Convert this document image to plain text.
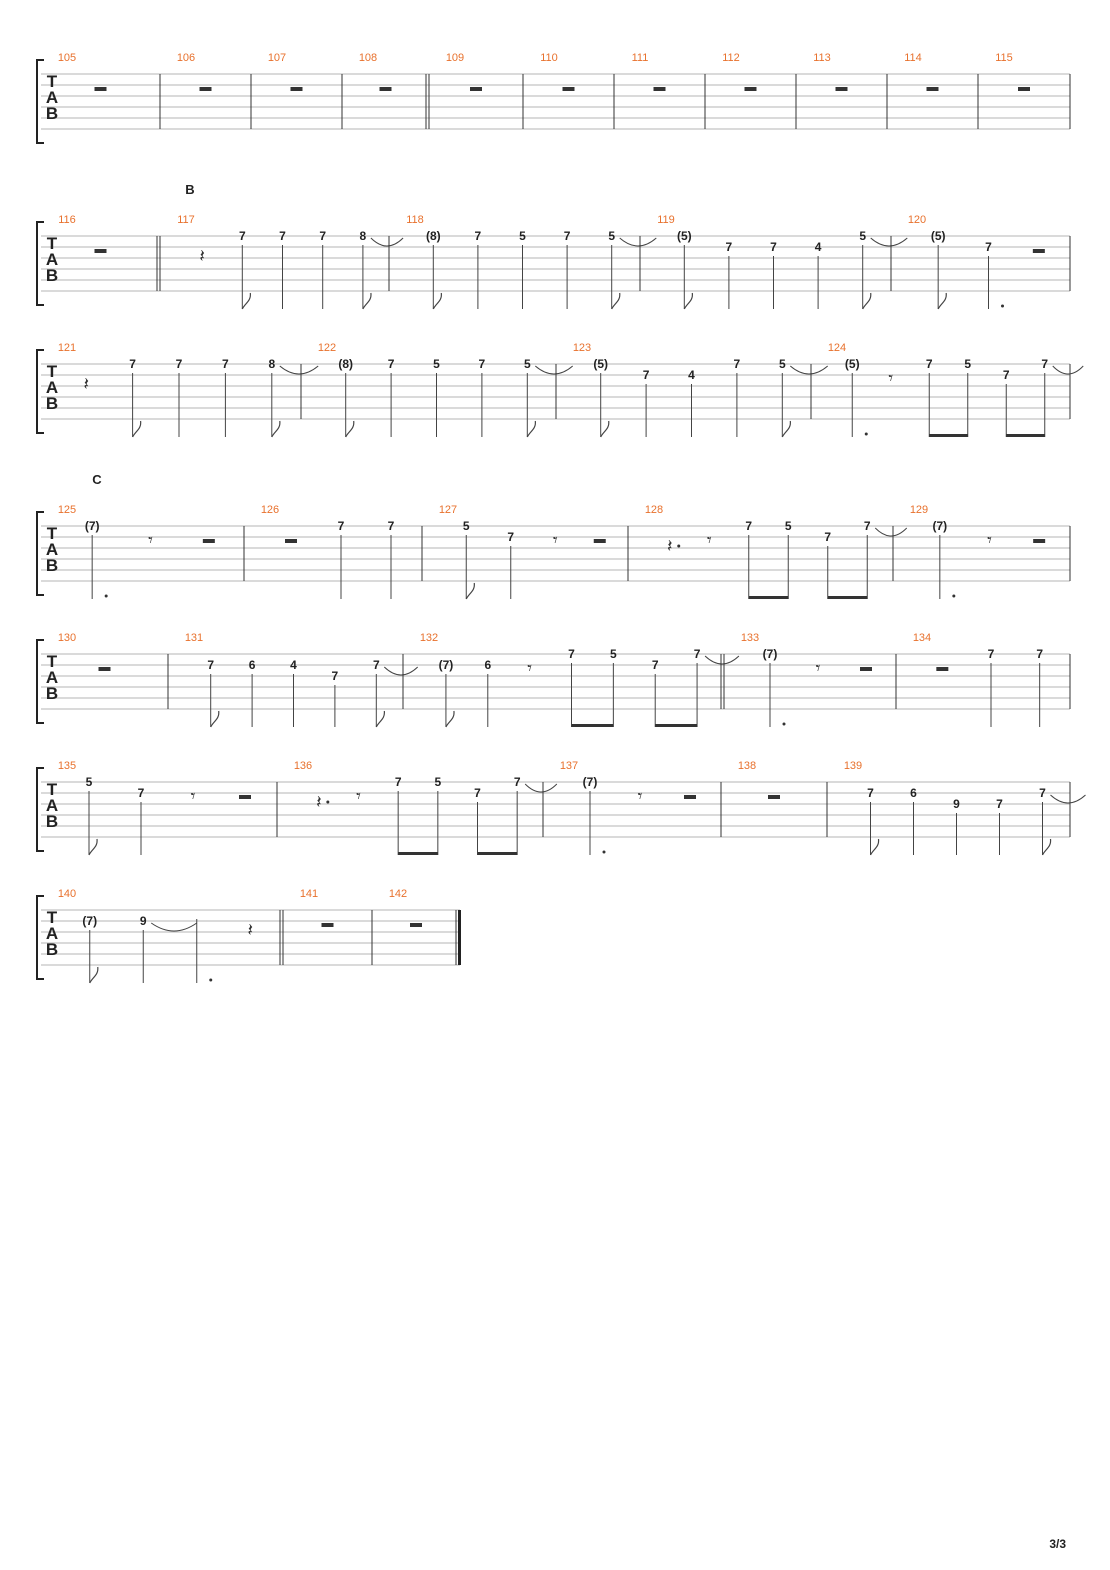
T
A
B
105	106	107	108	109	110	111	112	113	114	115
T
A
B
B
116	117
𝄽
7	7	7	8
118
(8)	7	5	7	5
119
(5)
7	7	4
5
120
(5)
7
T
A
B
121
𝄽
7	7	7	8
122
(8)	7	5	7	5
123
(5)
7	4
7	5
124
(5)
𝄾
7	5
7
7
T
A
B
C
125
(7)
𝄾
126
7	7
127
5
7 𝄾
128
𝄽 𝄾
7	5
7
7
129
(7)
𝄾
T
A
B
130	131
7	6	4
7
7
132
(7)	6 𝄾
7	5
7
7
133
(7)
𝄾
134
7	7
T
A
B
135
5
7	𝄾
136
𝄽 𝄾
7	5
7
7
137
(7)
𝄾
138	139
7	6
9	7
7
T
A
B
140
(7)	9	𝄽
141	142
3/3
